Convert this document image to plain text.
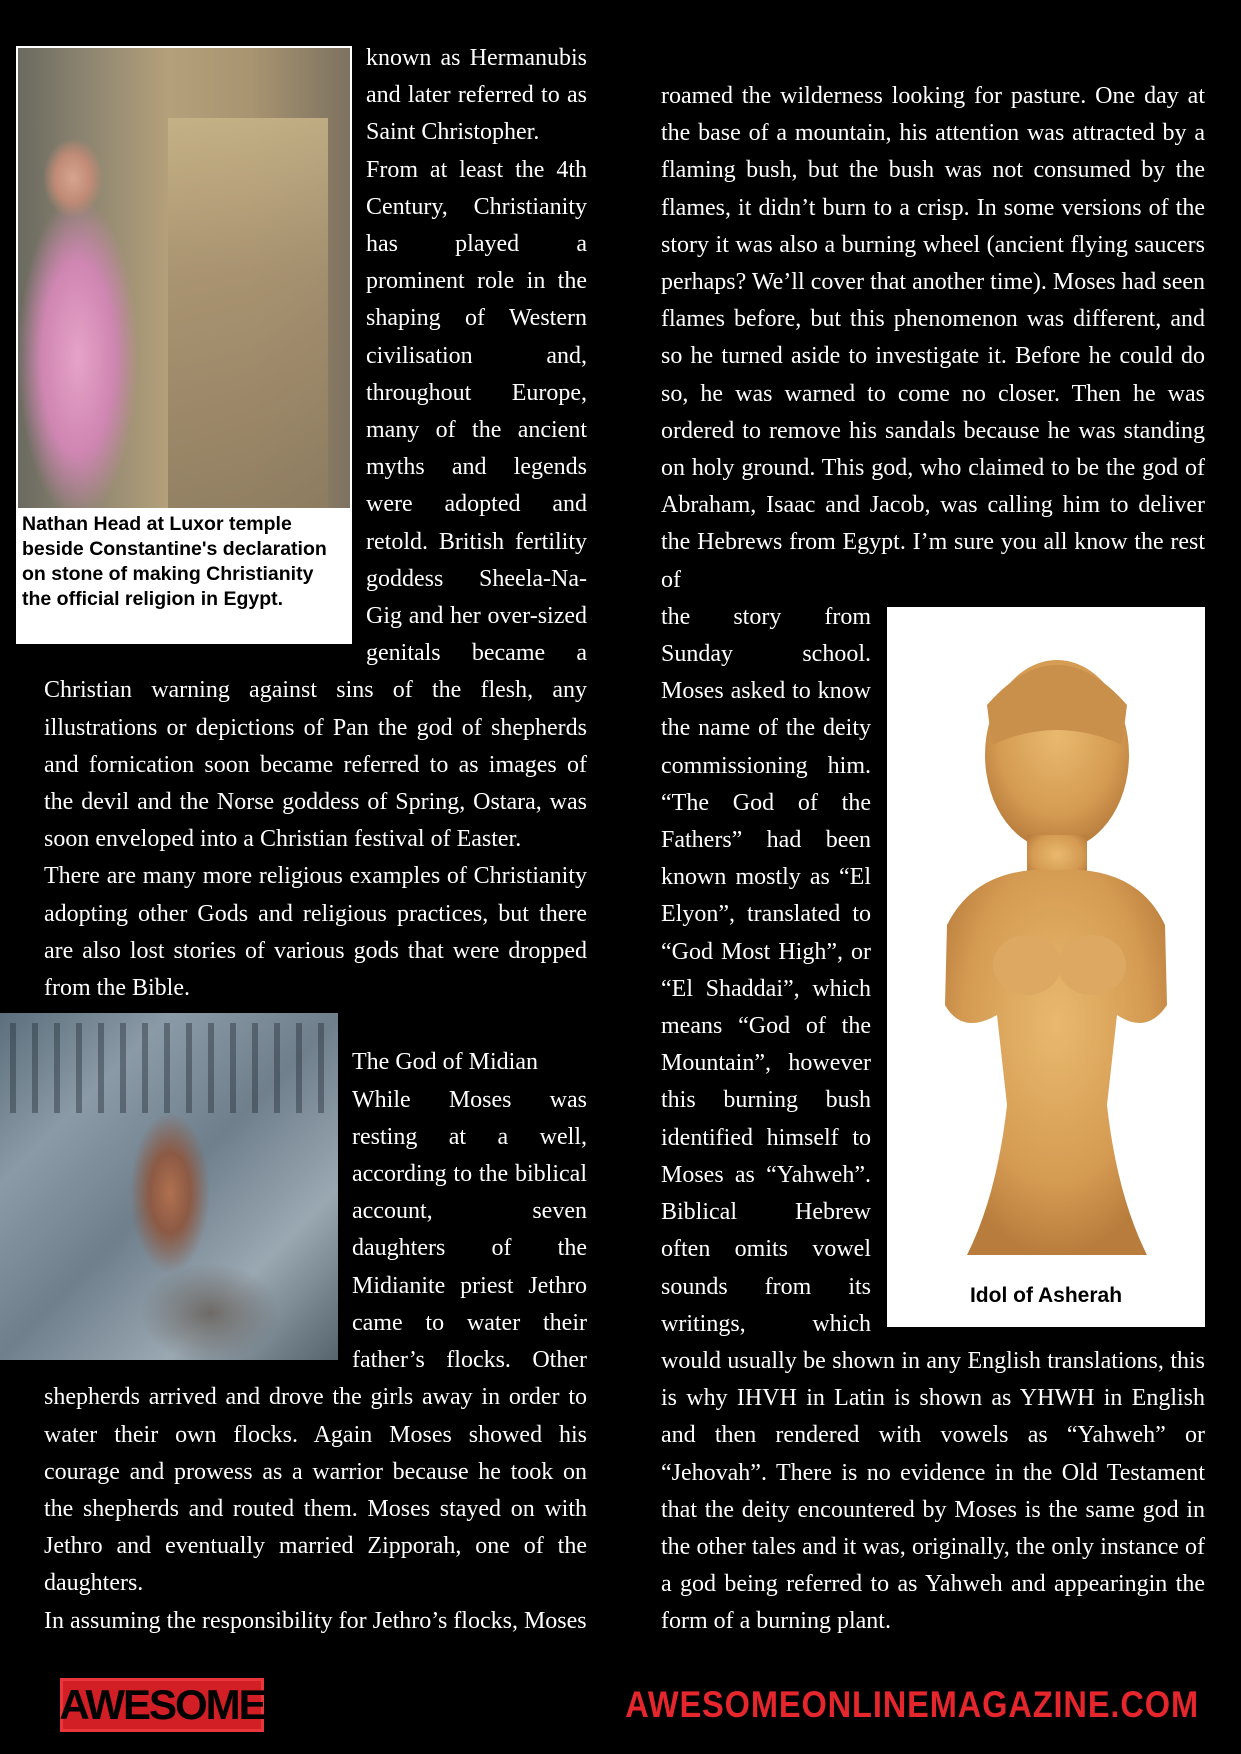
Nathan Head at Luxor temple beside Constantine's declaration on stone of making Christianity the official religion in Egypt.

known as Hermanubis and later referred to as Saint Christopher.

From at least the 4th Century, Christianity has played a prominent role in the shaping of Western civilisation and, throughout Europe, many of the ancient myths and legends were adopted and retold. British fertility goddess Sheela-Na-Gig and her over-sized genitals became a Christian warning against sins of the flesh, any illustrations or depictions of Pan the god of shepherds and fornication soon became referred to as images of the devil and the Norse goddess of Spring, Ostara, was soon enveloped into a Christian festival of Easter.

There are many more religious examples of Christianity adopting other Gods and religious practices, but there are also lost stories of various gods that were dropped from the Bible.

The God of Midian

While Moses was resting at a well, according to the biblical account, seven daughters of the Midianite priest Jethro came to water their father’s flocks. Other shepherds arrived and drove the girls away in order to water their own flocks. Again Moses showed his courage and prowess as a warrior because he took on the shepherds and routed them. Moses stayed on with Jethro and eventually married Zipporah, one of the daughters.

In assuming the responsibility for Jethro’s flocks, Moses

roamed the wilderness looking for pasture. One day at the base of a mountain, his attention was attracted by a flaming bush, but the bush was not consumed by the flames, it didn’t burn to a crisp. In some versions of the story it was also a burning wheel (ancient flying saucers perhaps? We’ll cover that another time). Moses had seen flames before, but this phenomenon was different, and so he turned aside to investigate it. Before he could do so, he was warned to come no closer. Then he was ordered to remove his sandals because he was standing on holy ground. This god, who claimed to be the god of Abraham, Isaac and Jacob, was calling him to deliver the Hebrews from Egypt. I’m sure you all know the rest of

Idol of Asherah

the story from Sunday school. Moses asked to know the name of the deity commissioning him. “The God of the Fathers” had been known mostly as “El Elyon”, translated to “God Most High”, or “El Shaddai”, which means “God of the Mountain”, however this burning bush identified himself to Moses as “Yahweh”. Biblical Hebrew often omits vowel sounds from its writings, which would usually be shown in any English translations, this is why IHVH in Latin is shown as YHWH in English and then rendered with vowels as “Yahweh” or “Jehovah”. There is no evidence in the Old Testament that the deity encountered by Moses is the same god in the other tales and it was, originally, the only instance of a god being referred to as Yahweh and appearingin the form of a burning plant.

AWESOME	AWESOMEONLINEMAGAZINE.COM
